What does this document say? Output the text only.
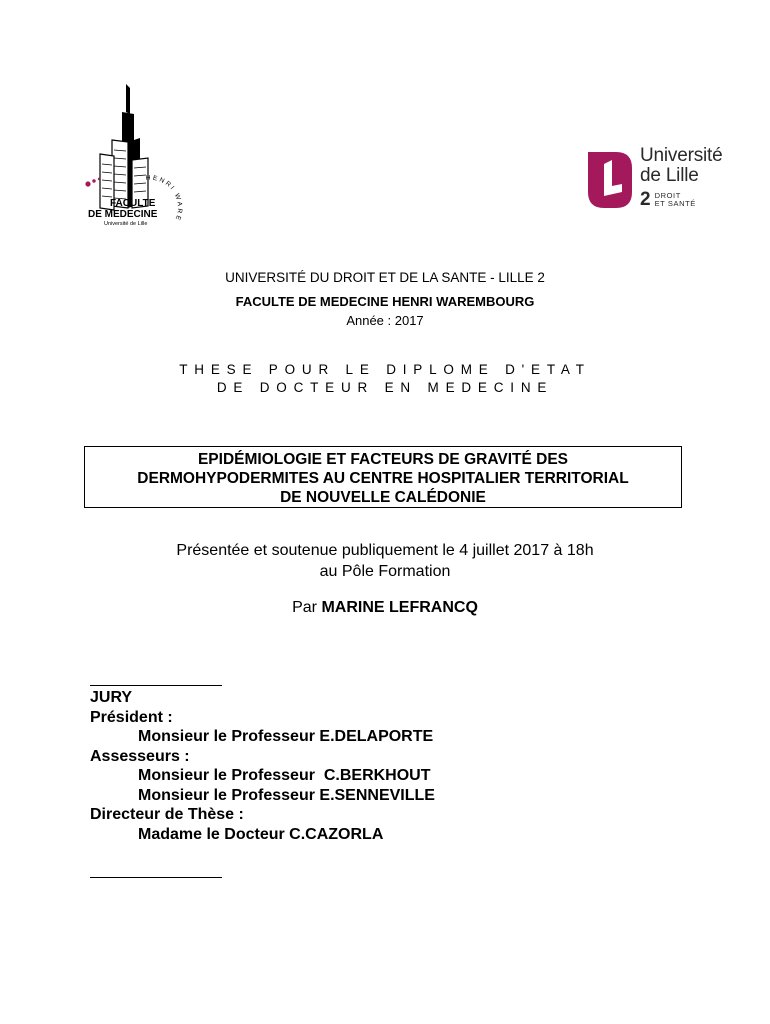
HENRI WARE
FACULTE
DE MEDECINE
Université de Lille
Université
de Lille
2 DROIT
ET SANTÉ
UNIVERSITÉ DU DROIT ET DE LA SANTE - LILLE 2
FACULTE DE MEDECINE HENRI WAREMBOURG
Année : 2017
THESE POUR LE DIPLOME D'ETAT
DE DOCTEUR EN MEDECINE
EPIDÉMIOLOGIE ET FACTEURS DE GRAVITÉ DES
DERMOHYPODERMITES AU CENTRE HOSPITALIER TERRITORIAL
DE NOUVELLE CALÉDONIE
Présentée et soutenue publiquement le 4 juillet 2017 à 18h
au Pôle Formation
Par MARINE LEFRANCQ
JURY
Président :
Monsieur le Professeur E.DELAPORTE
Assesseurs :
Monsieur le Professeur  C.BERKHOUT
Monsieur le Professeur E.SENNEVILLE
Directeur de Thèse :
Madame le Docteur C.CAZORLA
